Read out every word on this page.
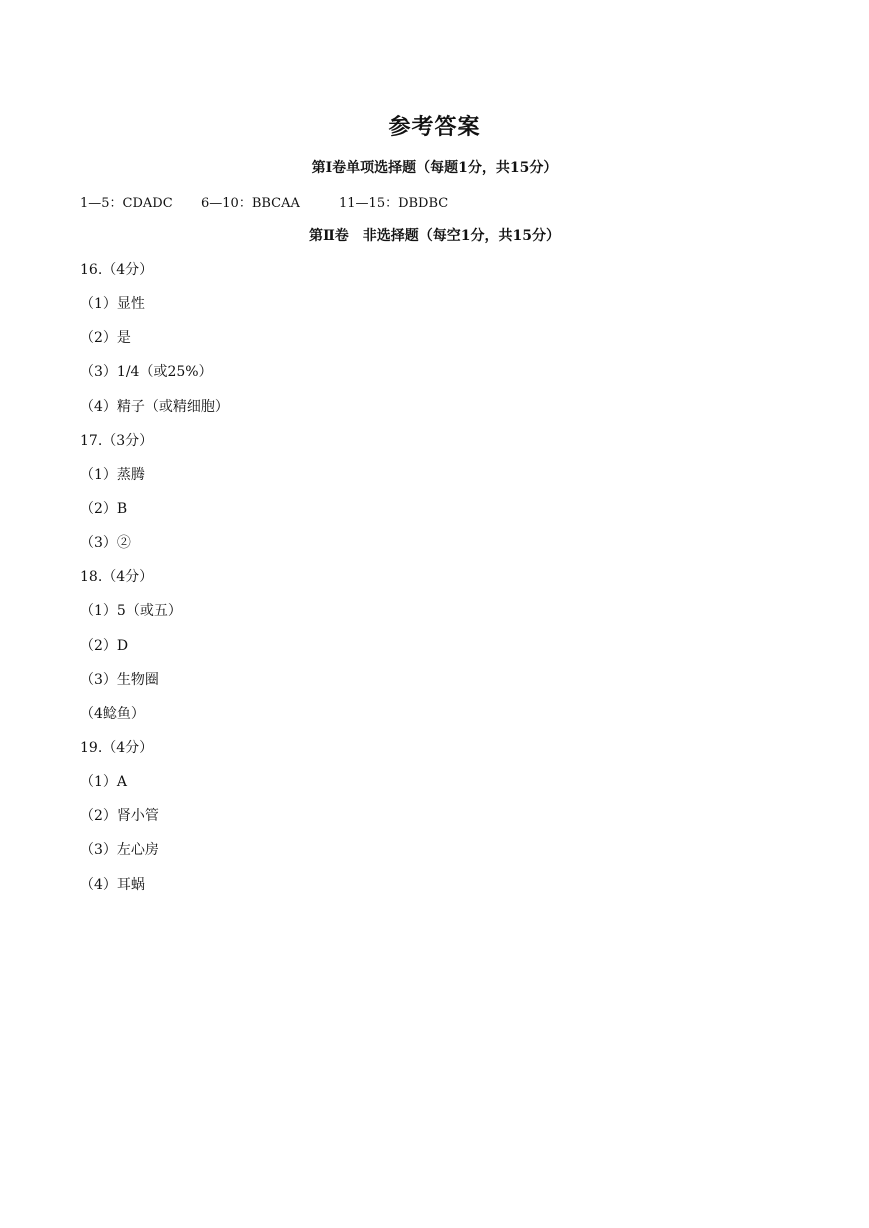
参考答案
第Ⅰ卷单项选择题（每题1分，共15分）
1—5：CDADC 6—10：BBCAA	11—15：DBDBC
第Ⅱ卷　非选择题（每空1分，共15分）

16.（4分）

（1）显性

（2）是

（3）1/4（或25%）

（4）精子（或精细胞）

17.（3分）

（1）蒸腾

（2）B

（3）②

18.（4分）

（1）5（或五）

（2）D

（3）生物圈

（4鲶鱼）

19.（4分）

（1）A

（2）肾小管

（3）左心房

（4）耳蜗
